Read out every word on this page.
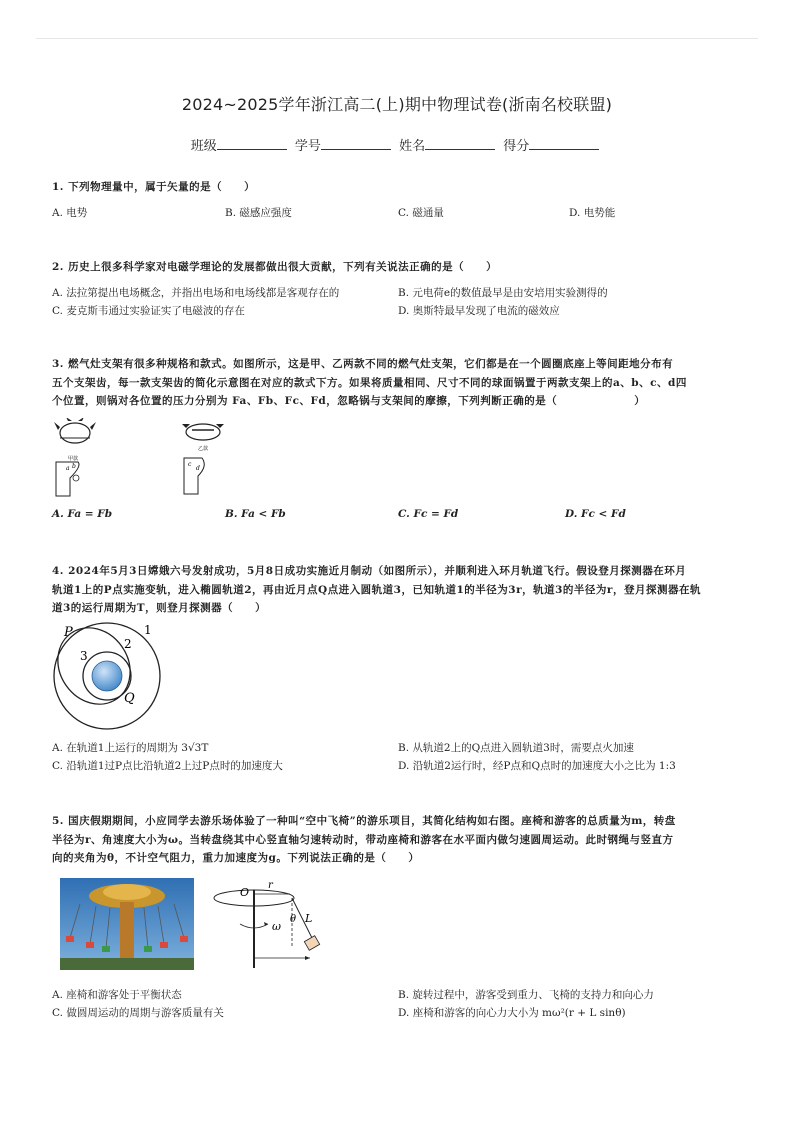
2024~2025学年浙江高二(上)期中物理试卷(浙南名校联盟)
班级	学号	姓名	得分

1. 下列物理量中，属于矢量的是（　　）

A. 电势	B. 磁感应强度	C. 磁通量	D. 电势能

2. 历史上很多科学家对电磁学理论的发展都做出很大贡献，下列有关说法正确的是（　　）

A. 法拉第提出电场概念，并指出电场和电场线都是客观存在的	B. 元电荷e的数值最早是由安培用实验测得的
C. 麦克斯韦通过实验证实了电磁波的存在	D. 奥斯特最早发现了电流的磁效应

3. 燃气灶支架有很多种规格和款式。如图所示，这是甲、乙两款不同的燃气灶支架，它们都是在一个圆圈底座上等间距地分布有

五个支架齿，每一款支架齿的简化示意图在对应的款式下方。如果将质量相同、尺寸不同的球面锅置于两款支架上的a、b、c、d四

个位置，则锅对各位置的压力分别为 Fa、Fb、Fc、Fd，忽略锅与支架间的摩擦，下列判断正确的是（　　　　　　　）

甲款
a b
乙款
c
d
A. Fa = Fb	B. Fa < Fb	C. Fc = Fd	D. Fc < Fd

4. 2024年5月3日嫦娥六号发射成功，5月8日成功实施近月制动（如图所示），并顺利进入环月轨道飞行。假设登月探测器在环月

轨道1上的P点实施变轨，进入椭圆轨道2，再由近月点Q点进入圆轨道3，已知轨道1的半径为3r，轨道3的半径为r，登月探测器在轨

道3的运行周期为T，则登月探测器（　　）

P	1
2
3
Q
A. 在轨道1上运行的周期为 3√3T	B. 从轨道2上的Q点进入圆轨道3时，需要点火加速
C. 沿轨道1过P点比沿轨道2上过P点时的加速度大	D. 沿轨道2运行时，经P点和Q点时的加速度大小之比为 1:3

5. 国庆假期期间，小应同学去游乐场体验了一种叫“空中飞椅”的游乐项目，其简化结构如右图。座椅和游客的总质量为m，转盘

半径为r、角速度大小为ω。当转盘绕其中心竖直轴匀速转动时，带动座椅和游客在水平面内做匀速圆周运动。此时钢绳与竖直方

向的夹角为θ，不计空气阻力，重力加速度为g。下列说法正确的是（　　）

O
r
ω
θ L
A. 座椅和游客处于平衡状态	B. 旋转过程中，游客受到重力、飞椅的支持力和向心力
C. 做圆周运动的周期与游客质量有关	D. 座椅和游客的向心力大小为 mω²(r + L sinθ)
